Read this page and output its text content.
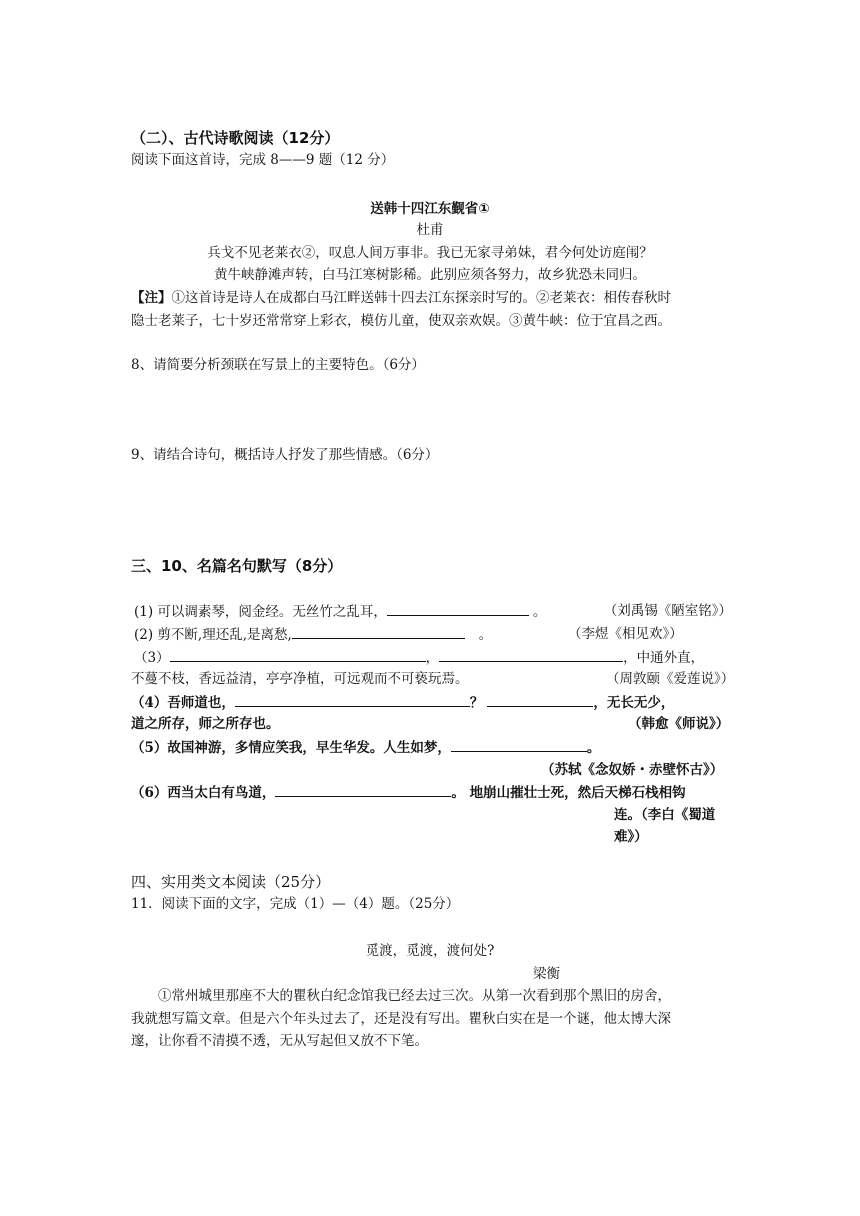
（二）、古代诗歌阅读（12分）
阅读下面这首诗，完成 8——9 题（12 分）
送韩十四江东觐省①
杜甫
兵戈不见老莱衣②，叹息人间万事非。我已无家寻弟妹，君今何处访庭闱？
黄牛峡静滩声转，白马江寒树影稀。此别应须各努力，故乡犹恐未同归。
【注】①这首诗是诗人在成都白马江畔送韩十四去江东探亲时写的。②老莱衣：相传春秋时
隐士老莱子，七十岁还常常穿上彩衣，模仿儿童，使双亲欢娱。③黄牛峡：位于宜昌之西。
8、请简要分析颈联在写景上的主要特色。（6分）
9、请结合诗句，概括诗人抒发了那些情感。（6分）
三、10、名篇名句默写（8分）
(1) 可以调素琴，阅金经。无丝竹之乱耳，	。	（刘禹锡《陋室铭》）
(2) 剪不断,理还乱,是离愁,	。	（李煜《相见欢》）
（3）	，	，中通外直，
不蔓不枝，香远益清，亭亭净植，可远观而不可亵玩焉。	（周敦颐《爱莲说》）
（4）吾师道也，	？	，无长无少，
道之所存，师之所存也。	（韩愈《师说》）
（5）故国神游，多情应笑我，早生华发。人生如梦，	。
（苏轼《念奴娇・赤壁怀古》）
（6）西当太白有鸟道，	。 地崩山摧壮士死，然后天梯石栈相钩
连。（李白《蜀道
难》）
四、实用类文本阅读（25分）
11．阅读下面的文字，完成（1）—（4）题。（25分）
觅渡，觅渡，渡何处?
梁衡
①常州城里那座不大的瞿秋白纪念馆我已经去过三次。从第一次看到那个黑旧的房舍，
我就想写篇文章。但是六个年头过去了，还是没有写出。瞿秋白实在是一个谜，他太博大深
邃，让你看不清摸不透，无从写起但又放不下笔。
